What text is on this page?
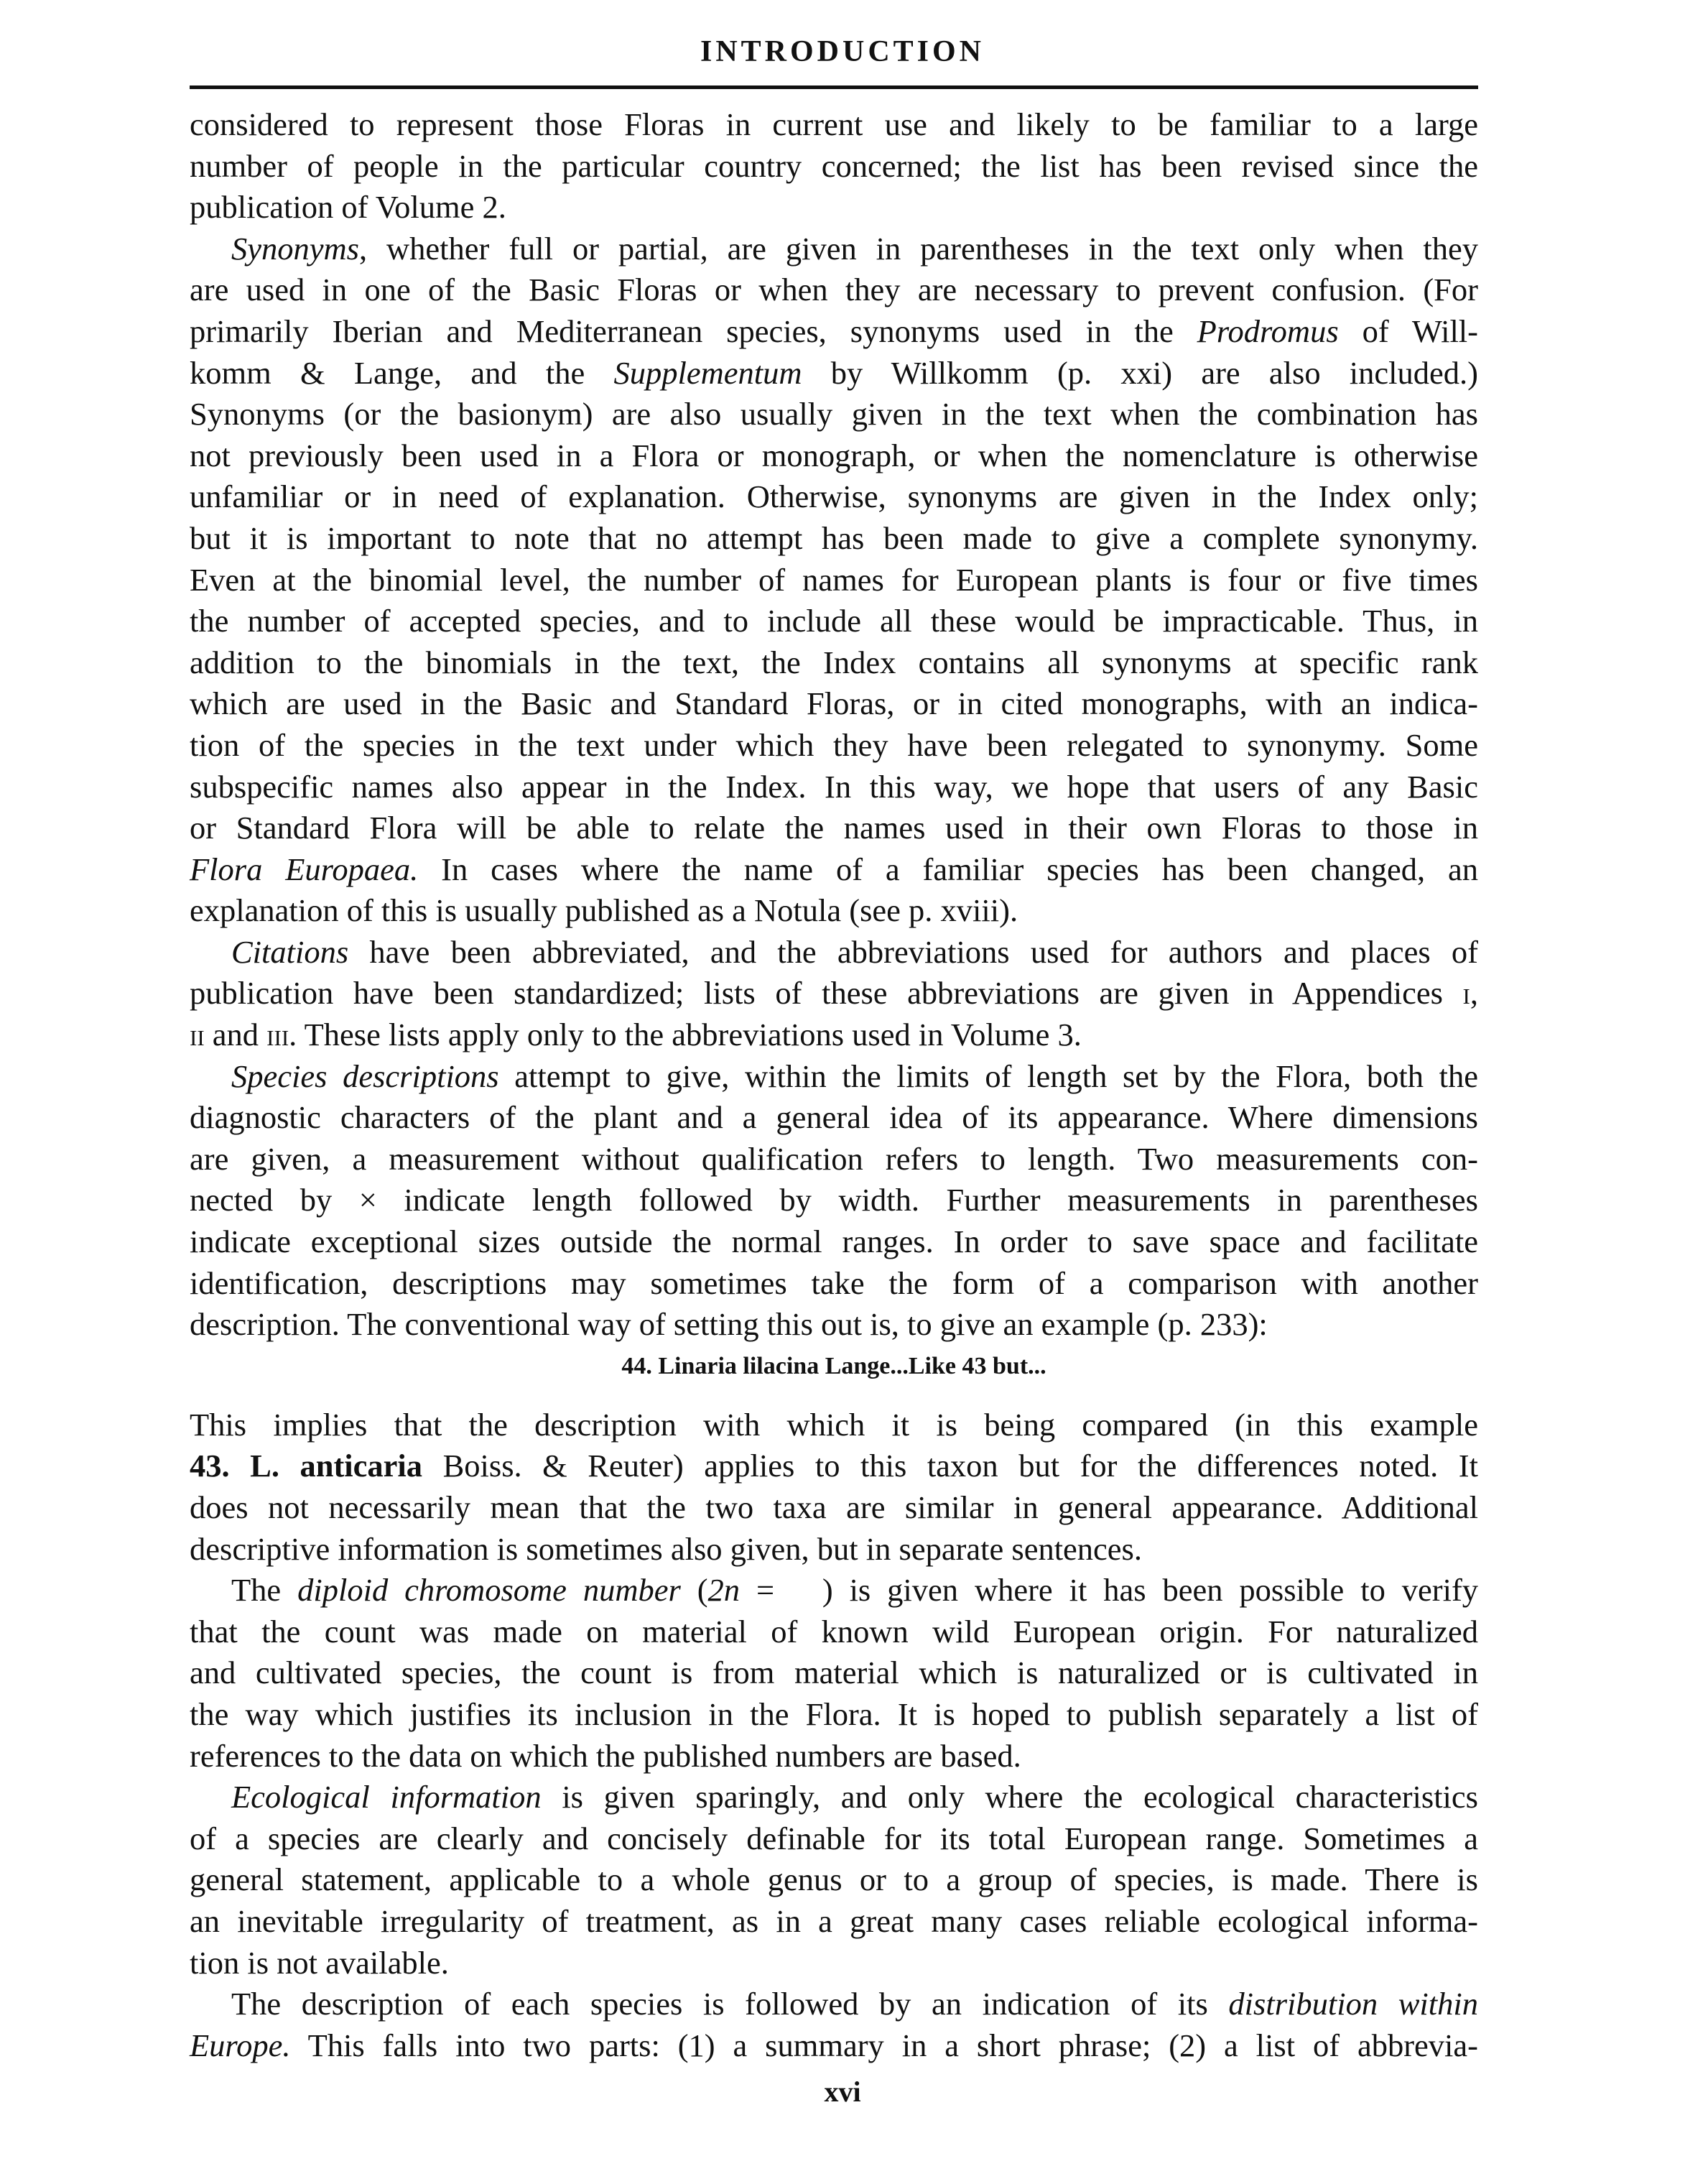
INTRODUCTION
considered to represent those Floras in current use and likely to be familiar to a large
number of people in the particular country concerned; the list has been revised since the
publication of Volume 2.
Synonyms, whether full or partial, are given in parentheses in the text only when they
are used in one of the Basic Floras or when they are necessary to prevent confusion. (For
primarily Iberian and Mediterranean species, synonyms used in the Prodromus of Will-
komm & Lange, and the Supplementum by Willkomm (p. xxi) are also included.)
Synonyms (or the basionym) are also usually given in the text when the combination has
not previously been used in a Flora or monograph, or when the nomenclature is otherwise
unfamiliar or in need of explanation. Otherwise, synonyms are given in the Index only;
but it is important to note that no attempt has been made to give a complete synonymy.
Even at the binomial level, the number of names for European plants is four or five times
the number of accepted species, and to include all these would be impracticable. Thus, in
addition to the binomials in the text, the Index contains all synonyms at specific rank
which are used in the Basic and Standard Floras, or in cited monographs, with an indica-
tion of the species in the text under which they have been relegated to synonymy. Some
subspecific names also appear in the Index. In this way, we hope that users of any Basic
or Standard Flora will be able to relate the names used in their own Floras to those in
Flora Europaea. In cases where the name of a familiar species has been changed, an
explanation of this is usually published as a Notula (see p. xviii).
Citations have been abbreviated, and the abbreviations used for authors and places of
publication have been standardized; lists of these abbreviations are given in Appendices i,
ii and iii. These lists apply only to the abbreviations used in Volume 3.
Species descriptions attempt to give, within the limits of length set by the Flora, both the
diagnostic characters of the plant and a general idea of its appearance. Where dimensions
are given, a measurement without qualification refers to length. Two measurements con-
nected by × indicate length followed by width. Further measurements in parentheses
indicate exceptional sizes outside the normal ranges. In order to save space and facilitate
identification, descriptions may sometimes take the form of a comparison with another
description. The conventional way of setting this out is, to give an example (p. 233):
44. Linaria lilacina Lange...Like 43 but...
This implies that the description with which it is being compared (in this example
43. L. anticaria Boiss. & Reuter) applies to this taxon but for the differences noted. It
does not necessarily mean that the two taxa are similar in general appearance. Additional
descriptive information is sometimes also given, but in separate sentences.
The diploid chromosome number (2n =  ) is given where it has been possible to verify
that the count was made on material of known wild European origin. For naturalized
and cultivated species, the count is from material which is naturalized or is cultivated in
the way which justifies its inclusion in the Flora. It is hoped to publish separately a list of
references to the data on which the published numbers are based.
Ecological information is given sparingly, and only where the ecological characteristics
of a species are clearly and concisely definable for its total European range. Sometimes a
general statement, applicable to a whole genus or to a group of species, is made. There is
an inevitable irregularity of treatment, as in a great many cases reliable ecological informa-
tion is not available.
The description of each species is followed by an indication of its distribution within
Europe. This falls into two parts: (1) a summary in a short phrase; (2) a list of abbrevia-
xvi
